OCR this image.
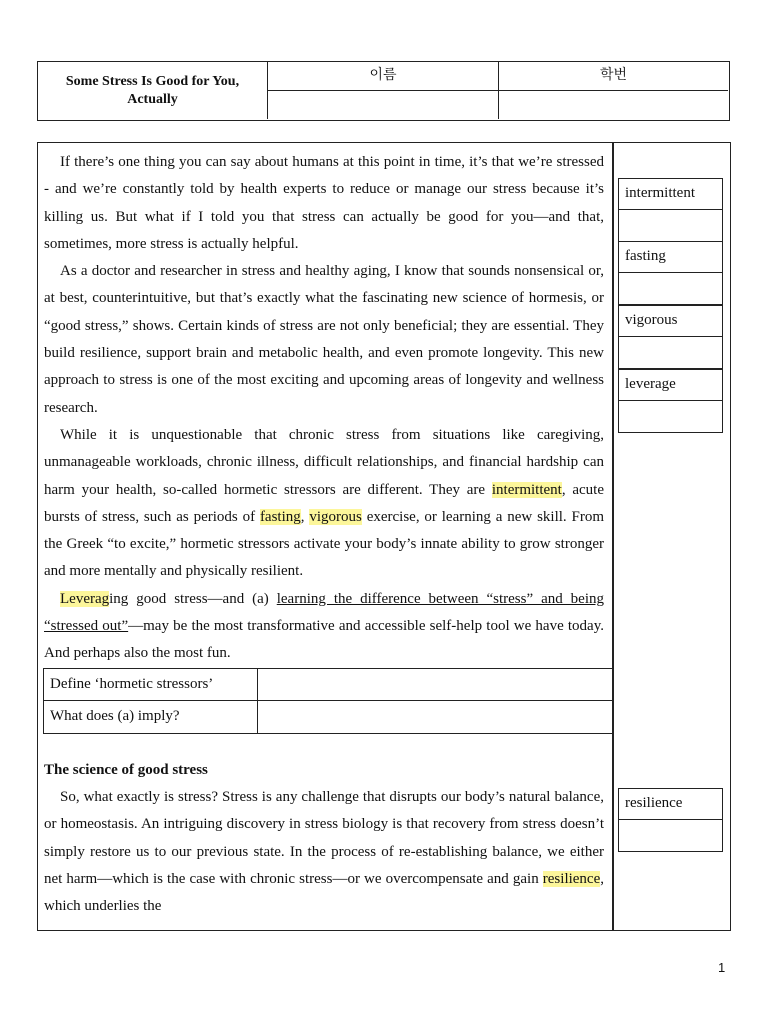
Some Stress Is Good for You, Actually
이름	학번

If there’s one thing you can say about humans at this point in time, it’s that we’re stressed - and we’re constantly told by health experts to reduce or manage our stress because it’s killing us. But what if I told you that stress can actually be good for you—and that, sometimes, more stress is actually helpful.

As a doctor and researcher in stress and healthy aging, I know that sounds nonsensical or, at best, counterintuitive, but that’s exactly what the fascinating new science of hormesis, or “good stress,” shows. Certain kinds of stress are not only beneficial; they are essential. They build resilience, support brain and metabolic health, and even promote longevity. This new approach to stress is one of the most exciting and upcoming areas of longevity and wellness research.

While it is unquestionable that chronic stress from situations like caregiving, unmanageable workloads, chronic illness, difficult relationships, and financial hardship can harm your health, so-called hormetic stressors are different. They are intermittent, acute bursts of stress, such as periods of fasting, vigorous exercise, or learning a new skill. From the Greek “to excite,” hormetic stressors activate your body’s innate ability to grow stronger and more mentally and physically resilient.

Leveraging good stress—and (a) learning the difference between “stress” and being “stressed out”—may be the most transformative and accessible self-help tool we have today. And perhaps also the most fun.

Define ‘hormetic stressors’
What does (a) imply?
The science of good stress

So, what exactly is stress? Stress is any challenge that disrupts our body’s natural balance, or homeostasis. An intriguing discovery in stress biology is that recovery from stress doesn’t simply restore us to our previous state. In the process of re-establishing balance, we either net harm—which is the case with chronic stress—or we overcompensate and gain resilience, which underlies the

intermittent
fasting
vigorous
leverage
resilience
1
